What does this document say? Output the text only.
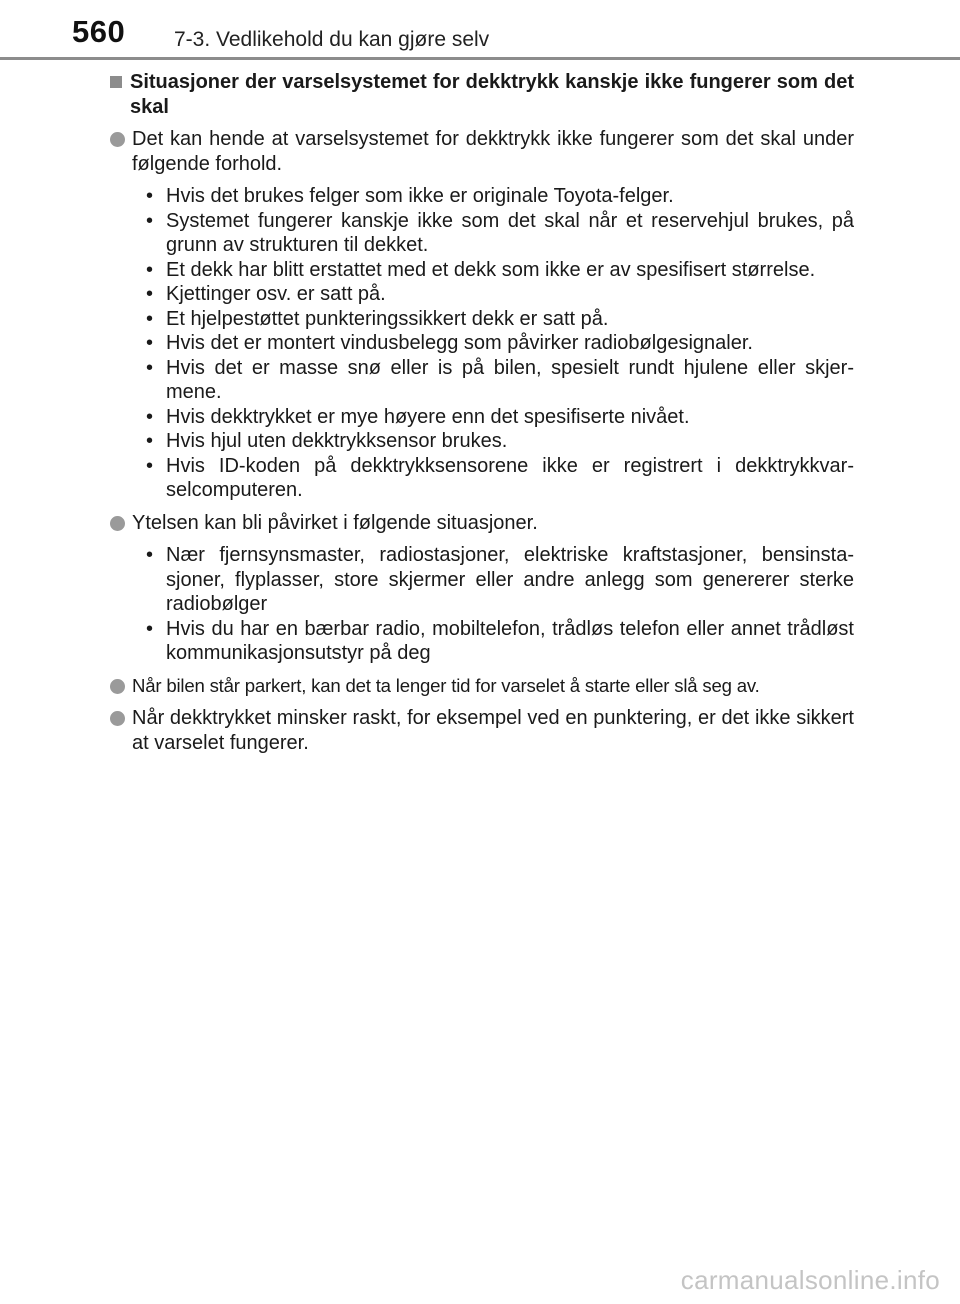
560 7-3. Vedlikehold du kan gjøre selv
Situasjoner der varselsystemet for dekktrykk kanskje ikke fungerer som det skal
Det kan hende at varselsystemet for dekktrykk ikke fungerer som det skal under følgende forhold.
• Hvis det brukes felger som ikke er originale Toyota-felger.
• Systemet fungerer kanskje ikke som det skal når et reservehjul brukes, på grunn av strukturen til dekket.
• Et dekk har blitt erstattet med et dekk som ikke er av spesifisert størrelse.
• Kjettinger osv. er satt på.
• Et hjelpestøttet punkteringssikkert dekk er satt på.
• Hvis det er montert vindusbelegg som påvirker radiobølgesignaler.
• Hvis det er masse snø eller is på bilen, spesielt rundt hjulene eller skjer-mene.
• Hvis dekktrykket er mye høyere enn det spesifiserte nivået.
• Hvis hjul uten dekktrykksensor brukes.
• Hvis ID-koden på dekktrykksensorene ikke er registrert i dekktrykkvar-selcomputeren.
Ytelsen kan bli påvirket i følgende situasjoner.
• Nær fjernsynsmaster, radiostasjoner, elektriske kraftstasjoner, bensinsta-sjoner, flyplasser, store skjermer eller andre anlegg som genererer sterke radiobølger
• Hvis du har en bærbar radio, mobiltelefon, trådløs telefon eller annet trådløst kommunikasjonsutstyr på deg
Når bilen står parkert, kan det ta lenger tid for varselet å starte eller slå seg av.
Når dekktrykket minsker raskt, for eksempel ved en punktering, er det ikke sikkert at varselet fungerer.
carmanualsonline.info
